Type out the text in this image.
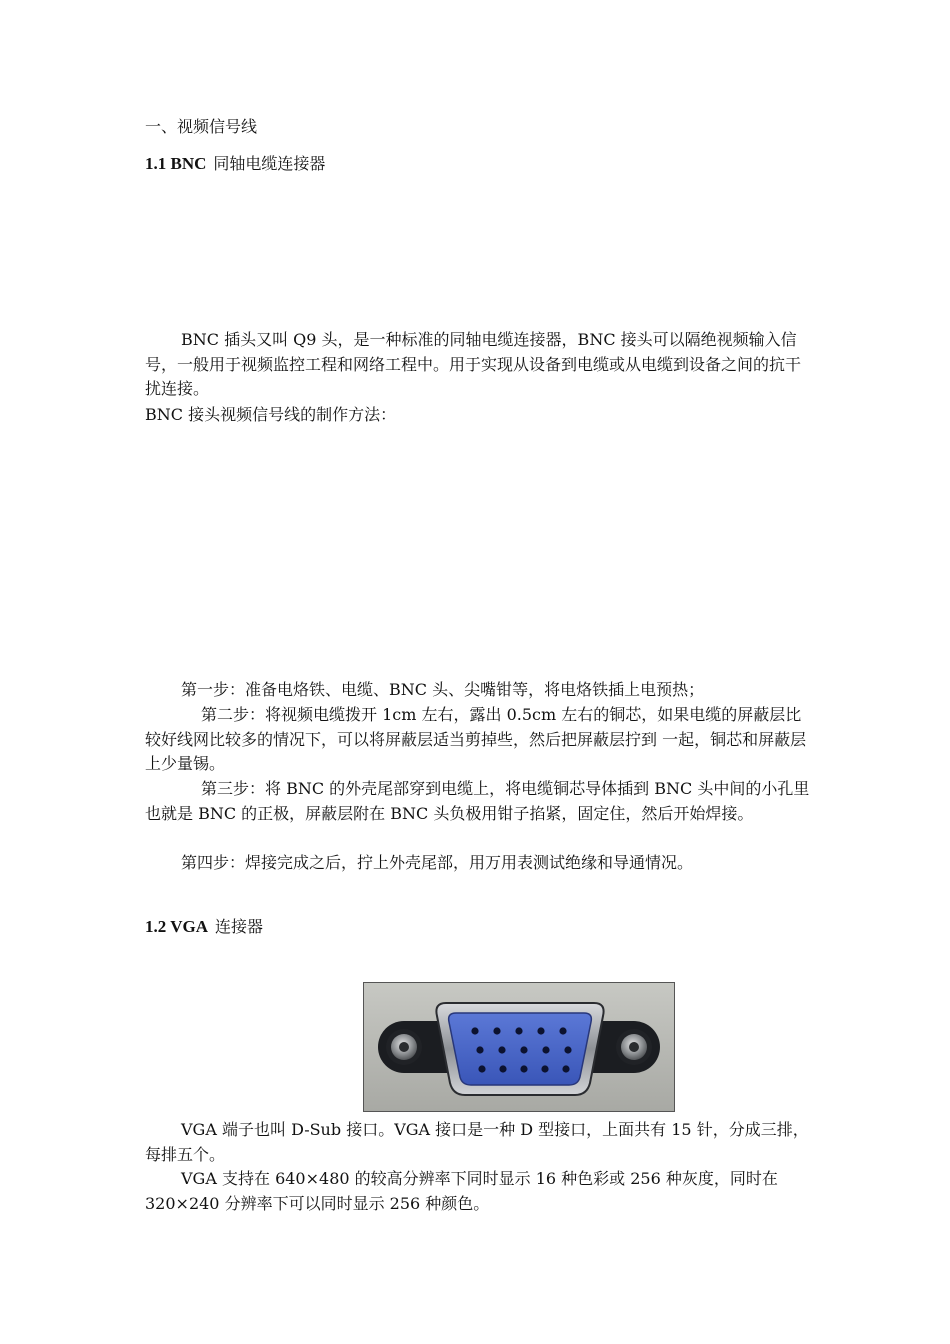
一、视频信号线
1.1 BNC 同轴电缆连接器
BNC 插头又叫 Q9 头，是一种标准的同轴电缆连接器，BNC 接头可以隔绝视频输入信号，一般用于视频监控工程和网络工程中。用于实现从设备到电缆或从电缆到设备之间的抗干扰连接。
BNC 接头视频信号线的制作方法：
第一步：准备电烙铁、电缆、BNC 头、尖嘴钳等，将电烙铁插上电预热；
第二步：将视频电缆拨开 1cm 左右，露出 0.5cm 左右的铜芯，如果电缆的屏蔽层比较好线网比较多的情况下，可以将屏蔽层适当剪掉些，然后把屏蔽层拧到 一起，铜芯和屏蔽层上少量锡。
第三步：将 BNC 的外壳尾部穿到电缆上，将电缆铜芯导体插到 BNC 头中间的小孔里也就是 BNC 的正极，屏蔽层附在 BNC 头负极用钳子掐紧，固定住，然后开始焊接。
第四步：焊接完成之后，拧上外壳尾部，用万用表测试绝缘和导通情况。
1.2 VGA 连接器
VGA 端子也叫 D-Sub 接口。VGA 接口是一种 D 型接口，上面共有 15 针，分成三排，每排五个。
VGA 支持在 640×480 的较高分辨率下同时显示 16 种色彩或 256 种灰度，同时在 320×240 分辨率下可以同时显示 256 种颜色。
